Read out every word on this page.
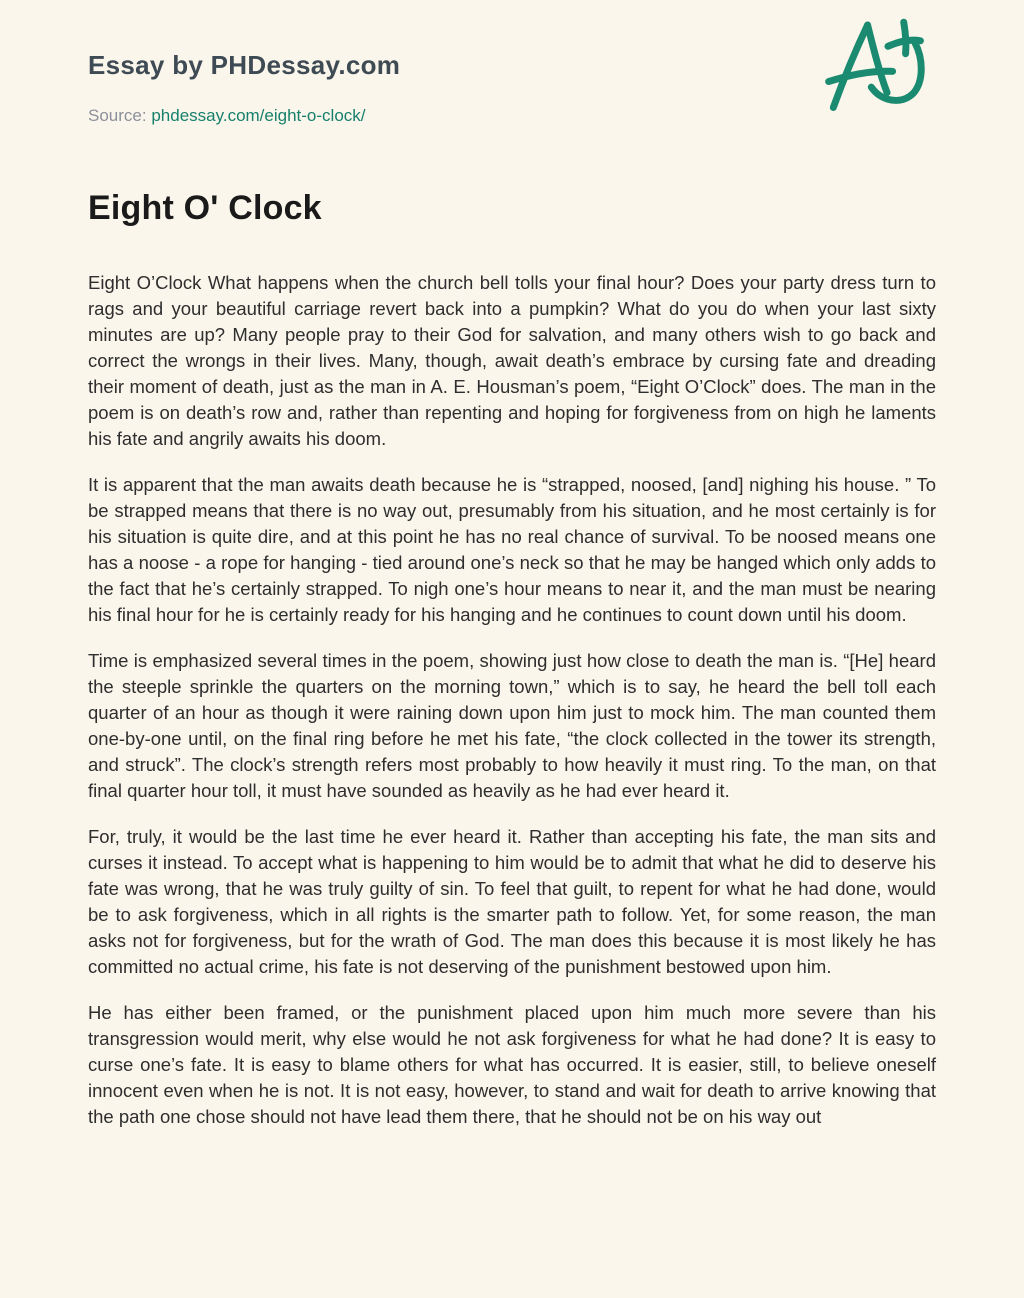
Essay by PHDessay.com
Source: phdessay.com/eight-o-clock/
Eight O' Clock

Eight O’Clock What happens when the church bell tolls your final hour? Does your party dress turn to rags and your beautiful carriage revert back into a pumpkin? What do you do when your last sixty minutes are up? Many people pray to their God for salvation, and many others wish to go back and correct the wrongs in their lives. Many, though, await death’s embrace by cursing fate and dreading their moment of death, just as the man in A. E. Housman’s poem, “Eight O’Clock” does. The man in the poem is on death’s row and, rather than repenting and hoping for forgiveness from on high he laments his fate and angrily awaits his doom.

It is apparent that the man awaits death because he is “strapped, noosed, [and] nighing his house. ” To be strapped means that there is no way out, presumably from his situation, and he most certainly is for his situation is quite dire, and at this point he has no real chance of survival. To be noosed means one has a noose - a rope for hanging - tied around one’s neck so that he may be hanged which only adds to the fact that he’s certainly strapped. To nigh one’s hour means to near it, and the man must be nearing his final hour for he is certainly ready for his hanging and he continues to count down until his doom.

Time is emphasized several times in the poem, showing just how close to death the man is. “[He] heard the steeple sprinkle the quarters on the morning town,” which is to say, he heard the bell toll each quarter of an hour as though it were raining down upon him just to mock him. The man counted them one-by-one until, on the final ring before he met his fate, “the clock collected in the tower its strength, and struck”. The clock’s strength refers most probably to how heavily it must ring. To the man, on that final quarter hour toll, it must have sounded as heavily as he had ever heard it.

For, truly, it would be the last time he ever heard it. Rather than accepting his fate, the man sits and curses it instead. To accept what is happening to him would be to admit that what he did to deserve his fate was wrong, that he was truly guilty of sin. To feel that guilt, to repent for what he had done, would be to ask forgiveness, which in all rights is the smarter path to follow. Yet, for some reason, the man asks not for forgiveness, but for the wrath of God. The man does this because it is most likely he has committed no actual crime, his fate is not deserving of the punishment bestowed upon him.

He has either been framed, or the punishment placed upon him much more severe than his transgression would merit, why else would he not ask forgiveness for what he had done? It is easy to curse one’s fate. It is easy to blame others for what has occurred. It is easier, still, to believe oneself innocent even when he is not. It is not easy, however, to stand and wait for death to arrive knowing that the path one chose should not have lead them there, that he should not be on his way out
